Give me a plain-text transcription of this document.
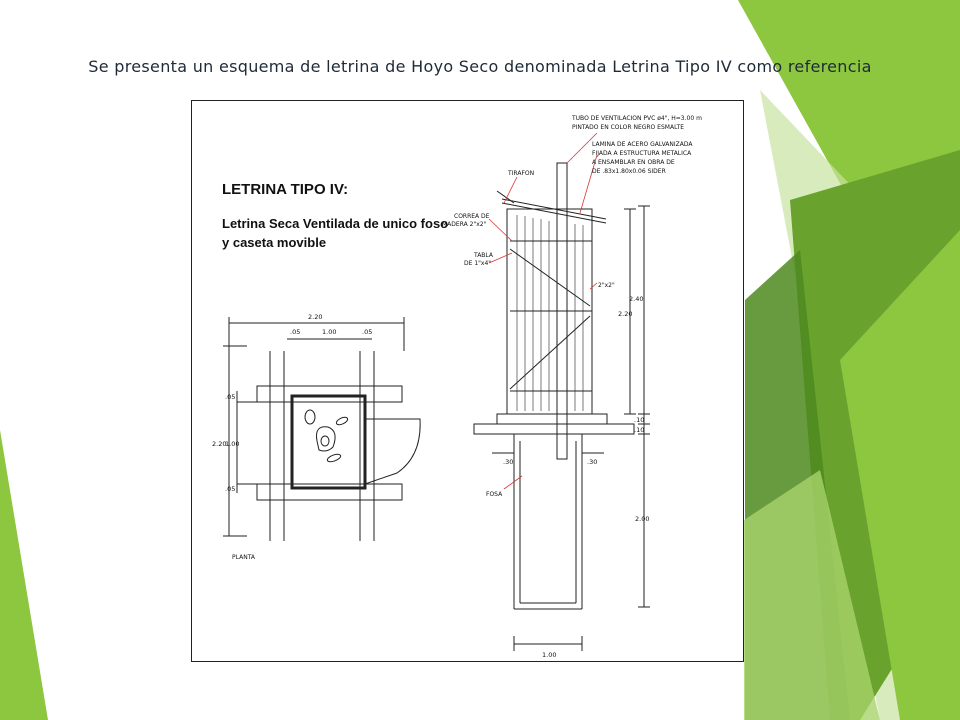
Se presenta un esquema de letrina de Hoyo Seco denominada Letrina Tipo IV como referencia
LETRINA TIPO IV:
Letrina Seca Ventilada de unico foso
y caseta movible
PLANTA
2.20
.05	1.00	.05
.05
2.20
1.00
.05
TUBO DE VENTILACION PVC ø4", H=3.00 m
PINTADO EN COLOR NEGRO ESMALTE
LAMINA DE ACERO GALVANIZADA
FIJADA A ESTRUCTURA METALICA
A ENSAMBLAR EN OBRA DE
DE .83x1.80x0.06 SIDER
TIRAFON
CORREA DE
MADERA 2"x2"
TABLA
DE 1"x4"
2"x2"
FOSA
2.40
2.20
.10
.10
.30	.30
2.00
1.00
